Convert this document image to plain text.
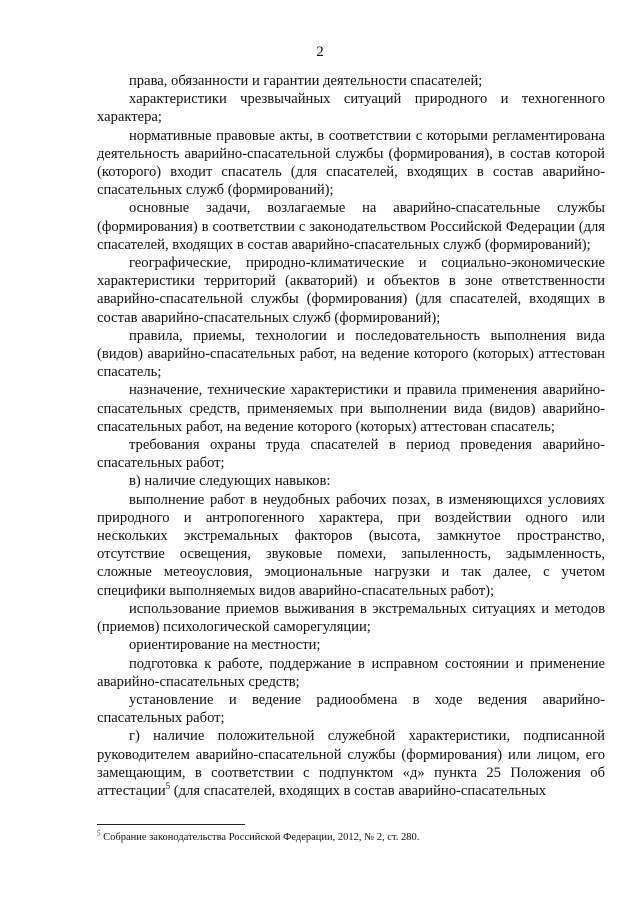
2

права, обязанности и гарантии деятельности спасателей;

характеристики чрезвычайных ситуаций природного и техногенного характера;

нормативные правовые акты, в соответствии с которыми регламентирована деятельность аварийно-спасательной службы (формирования), в состав которой (которого) входит спасатель (для спасателей, входящих в состав аварийно-спасательных служб (формирований);

основные задачи, возлагаемые на аварийно-спасательные службы (формирования) в соответствии с законодательством Российской Федерации (для спасателей, входящих в состав аварийно-спасательных служб (формирований);

географические, природно-климатические и социально-экономические характеристики территорий (акваторий) и объектов в зоне ответственности аварийно-спасательной службы (формирования) (для спасателей, входящих в состав аварийно-спасательных служб (формирований);

правила, приемы, технологии и последовательность выполнения вида (видов) аварийно-спасательных работ, на ведение которого (которых) аттестован спасатель;

назначение, технические характеристики и правила применения аварийно-спасательных средств, применяемых при выполнении вида (видов) аварийно-спасательных работ, на ведение которого (которых) аттестован спасатель;

требования охраны труда спасателей в период проведения аварийно-спасательных работ;

в) наличие следующих навыков:

выполнение работ в неудобных рабочих позах, в изменяющихся условиях природного и антропогенного характера, при воздействии одного или нескольких экстремальных факторов (высота, замкнутое пространство, отсутствие освещения, звуковые помехи, запыленность, задымленность, сложные метеоусловия, эмоциональные нагрузки и так далее, с учетом специфики выполняемых видов аварийно-спасательных работ);

использование приемов выживания в экстремальных ситуациях и методов (приемов) психологической саморегуляции;

ориентирование на местности;

подготовка к работе, поддержание в исправном состоянии и применение аварийно-спасательных средств;

установление и ведение радиообмена в ходе ведения аварийно-спасательных работ;

г) наличие положительной служебной характеристики, подписанной руководителем аварийно-спасательной службы (формирования) или лицом, его замещающим, в соответствии с подпунктом «д» пункта 25 Положения об аттестации$^5$ (для спасателей, входящих в состав аварийно-спасательных

$^5$ Собрание законодательства Российской Федерации, 2012, № 2, ст. 280.
